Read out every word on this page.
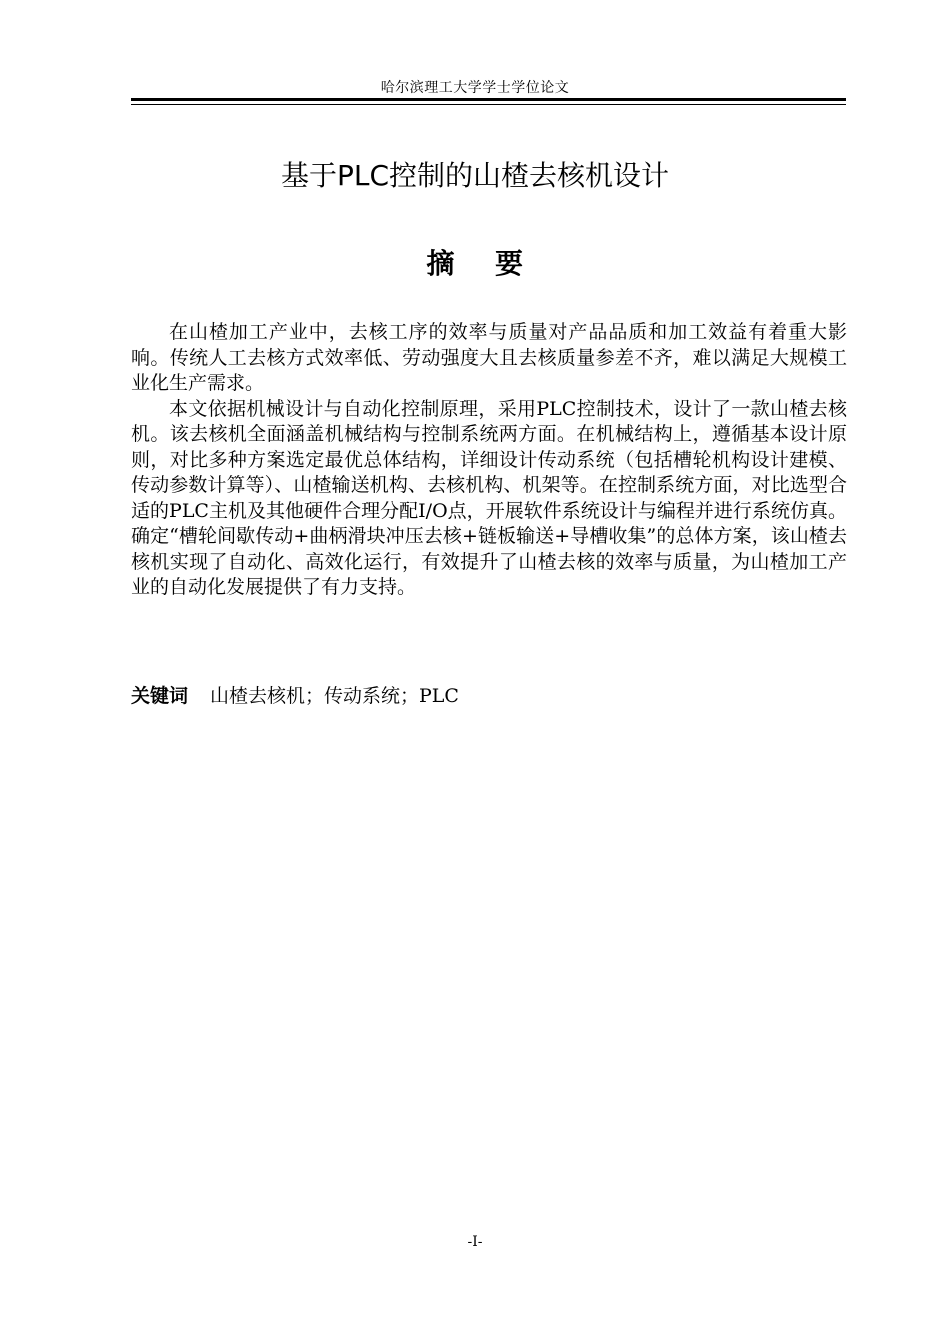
哈尔滨理工大学学士学位论文
基于PLC控制的山楂去核机设计
摘 要

在山楂加工产业中，去核工序的效率与质量对产品品质和加工效益有着重大影响。传统人工去核方式效率低、劳动强度大且去核质量参差不齐，难以满足大规模工业化生产需求。

本文依据机械设计与自动化控制原理，采用PLC控制技术，设计了一款山楂去核机。该去核机全面涵盖机械结构与控制系统两方面。在机械结构上，遵循基本设计原则，对比多种方案选定最优总体结构，详细设计传动系统（包括槽轮机构设计建模、传动参数计算等）、山楂输送机构、去核机构、机架等。在控制系统方面，对比选型合适的PLC主机及其他硬件合理分配I/O点，开展软件系统设计与编程并进行系统仿真。确定“槽轮间歇传动+曲柄滑块冲压去核+链板输送+导槽收集”的总体方案，该山楂去核机实现了自动化、高效化运行，有效提升了山楂去核的效率与质量，为山楂加工产业的自动化发展提供了有力支持。

关键词 山楂去核机；传动系统；PLC
-I-
